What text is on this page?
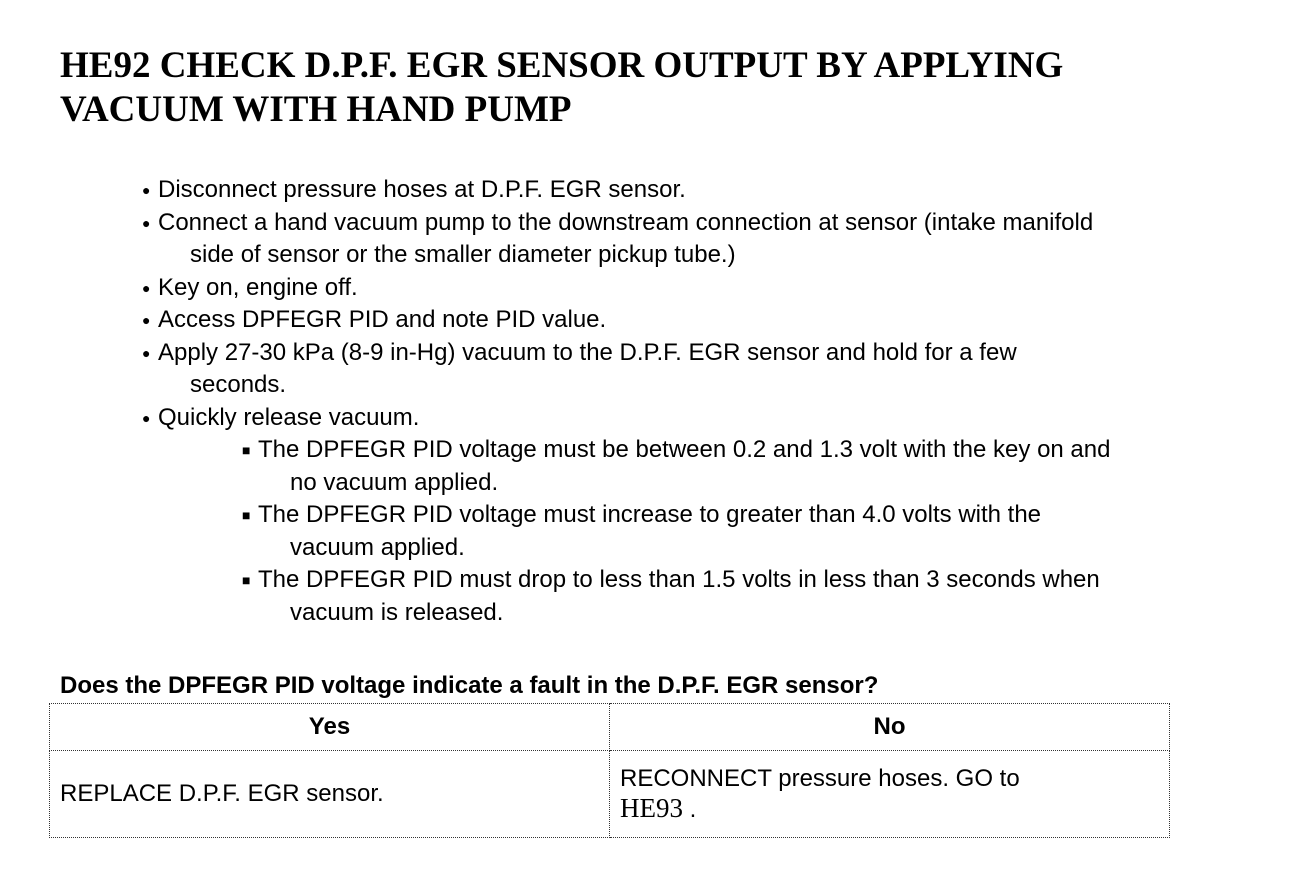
HE92 CHECK D.P.F. EGR SENSOR OUTPUT BY APPLYING
VACUUM WITH HAND PUMP
● Disconnect pressure hoses at D.P.F. EGR sensor.
● Connect a hand vacuum pump to the downstream connection at sensor (intake manifold
side of sensor or the smaller diameter pickup tube.)
● Key on, engine off.
● Access DPFEGR PID and note PID value.
● Apply 27-30 kPa (8-9 in-Hg) vacuum to the D.P.F. EGR sensor and hold for a few
seconds.
● Quickly release vacuum.
■ The DPFEGR PID voltage must be between 0.2 and 1.3 volt with the key on and
no vacuum applied.
■ The DPFEGR PID voltage must increase to greater than 4.0 volts with the
vacuum applied.
■ The DPFEGR PID must drop to less than 1.5 volts in less than 3 seconds when
vacuum is released.

Does the DPFEGR PID voltage indicate a fault in the D.P.F. EGR sensor?

Yes	No
REPLACE D.P.F. EGR sensor.	RECONNECT pressure hoses. GO to
HE93 .
